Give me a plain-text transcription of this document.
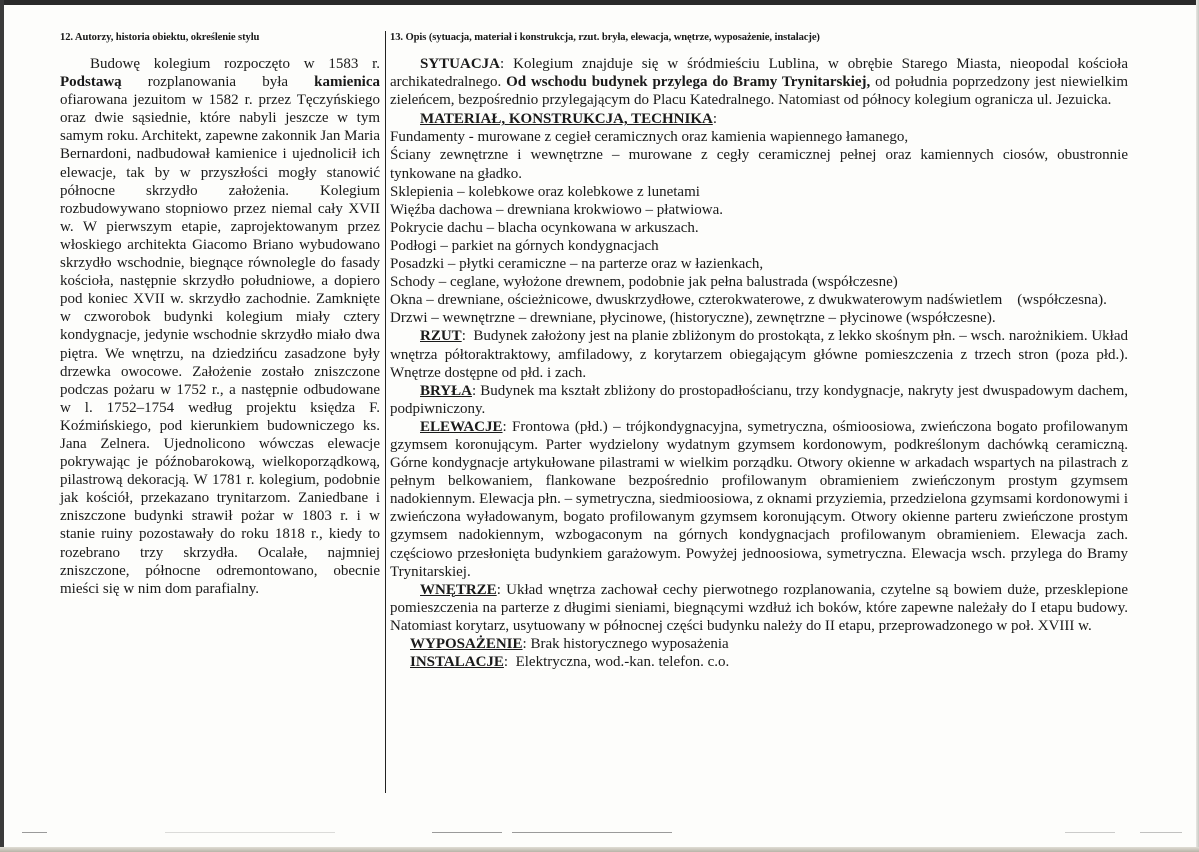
12. Autorzy, historia obiektu, określenie stylu

Budowę kolegium rozpoczęto w 1583 r. Podstawą rozplanowania była kamienica ofiarowana jezuitom w 1582 r. przez Tęczyńskiego oraz dwie sąsiednie, które nabyli jeszcze w tym samym roku. Architekt, zapewne zakonnik Jan Maria Bernardoni, nadbudował kamienice i ujednolicił ich elewacje, tak by w przyszłości mogły stanowić północne skrzydło założenia. Kolegium rozbudowywano stopniowo przez niemal cały XVII w. W pierwszym etapie, zaprojektowanym przez włoskiego architekta Giacomo Briano wybudowano skrzydło wschodnie, biegnące równolegle do fasady kościoła, następnie skrzydło południowe, a dopiero pod koniec XVII w. skrzydło zachodnie. Zamknięte w czworobok budynki kolegium miały cztery kondygnacje, jedynie wschodnie skrzydło miało dwa piętra. We wnętrzu, na dziedzińcu zasadzone były drzewka owocowe. Założenie zostało zniszczone podczas pożaru w 1752 r., a następnie odbudowane w l. 1752–1754 według projektu księdza F. Koźmińskiego, pod kierunkiem budowniczego ks. Jana Zelnera. Ujednolicono wówczas elewacje pokrywając je późnobarokową, wielkoporządkową, pilastrową dekoracją. W 1781 r. kolegium, podobnie jak kościół, przekazano trynitarzom. Zaniedbane i zniszczone budynki strawił pożar w 1803 r. i w stanie ruiny pozostawały do roku 1818 r., kiedy to rozebrano trzy skrzydła. Ocalałe, najmniej zniszczone, północne odremontowano, obecnie mieści się w nim dom parafialny.

13. Opis (sytuacja, materiał i konstrukcja, rzut. bryła, elewacja, wnętrze, wyposażenie, instalacje)

SYTUACJA: Kolegium znajduje się w śródmieściu Lublina, w obrębie Starego Miasta, nieopodal kościoła archikatedralnego. Od wschodu budynek przylega do Bramy Trynitarskiej, od południa poprzedzony jest niewielkim zieleńcem, bezpośrednio przylegającym do Placu Katedralnego. Natomiast od północy kolegium ogranicza ul. Jezuicka.

MATERIAŁ, KONSTRUKCJA, TECHNIKA:

Fundamenty - murowane z cegieł ceramicznych oraz kamienia wapiennego łamanego,
Ściany zewnętrzne i wewnętrzne – murowane z cegły ceramicznej pełnej oraz kamiennych ciosów, obustronnie tynkowane na gładko.
Sklepienia – kolebkowe oraz kolebkowe z lunetami
Więźba dachowa – drewniana krokwiowo – płatwiowa.
Pokrycie dachu – blacha ocynkowana w arkuszach.
Podłogi – parkiet na górnych kondygnacjach
Posadzki – płytki ceramiczne – na parterze oraz w łazienkach,
Schody – ceglane, wyłożone drewnem, podobnie jak pełna balustrada (współczesne)
Okna – drewniane, ościeżnicowe, dwuskrzydłowe, czterokwaterowe, z dwukwaterowym nadświetlem    (współczesna).
Drzwi – wewnętrzne – drewniane, płycinowe, (historyczne), zewnętrzne – płycinowe (współczesne).

RZUT:  Budynek założony jest na planie zbliżonym do prostokąta, z lekko skośnym płn. – wsch. narożnikiem. Układ wnętrza półtoraktraktowy, amfiladowy, z korytarzem obiegającym główne pomieszczenia z trzech stron (poza płd.). Wnętrze dostępne od płd. i zach.

BRYŁA: Budynek ma kształt zbliżony do prostopadłościanu, trzy kondygnacje, nakryty jest dwuspadowym dachem, podpiwniczony.

ELEWACJE: Frontowa (płd.) – trójkondygnacyjna, symetryczna, ośmioosiowa, zwieńczona bogato profilowanym gzymsem koronującym. Parter wydzielony wydatnym gzymsem kordonowym, podkreślonym dachówką ceramiczną. Górne kondygnacje artykułowane pilastrami w wielkim porządku. Otwory okienne w arkadach wspartych na pilastrach z pełnym belkowaniem, flankowane bezpośrednio profilowanym obramieniem zwieńczonym prostym gzymsem nadokiennym. Elewacja płn. – symetryczna, siedmioosiowa, z oknami przyziemia, przedzielona gzymsami kordonowymi i zwieńczona wyładowanym, bogato profilowanym gzymsem koronującym. Otwory okienne parteru zwieńczone prostym gzymsem nadokiennym, wzbogaconym na górnych kondygnacjach profilowanym obramieniem. Elewacja zach. częściowo przesłonięta budynkiem garażowym. Powyżej jednoosiowa, symetryczna. Elewacja wsch. przylega do Bramy Trynitarskiej.

WNĘTRZE: Układ wnętrza zachował cechy pierwotnego rozplanowania, czytelne są bowiem duże, przesklepione pomieszczenia na parterze z długimi sieniami, biegnącymi wzdłuż ich boków, które zapewne należały do I etapu budowy. Natomiast korytarz, usytuowany w północnej części budynku należy do II etapu, przeprowadzonego w poł. XVIII w.

WYPOSAŻENIE: Brak historycznego wyposażenia

INSTALACJE:  Elektryczna, wod.-kan. telefon. c.o.
